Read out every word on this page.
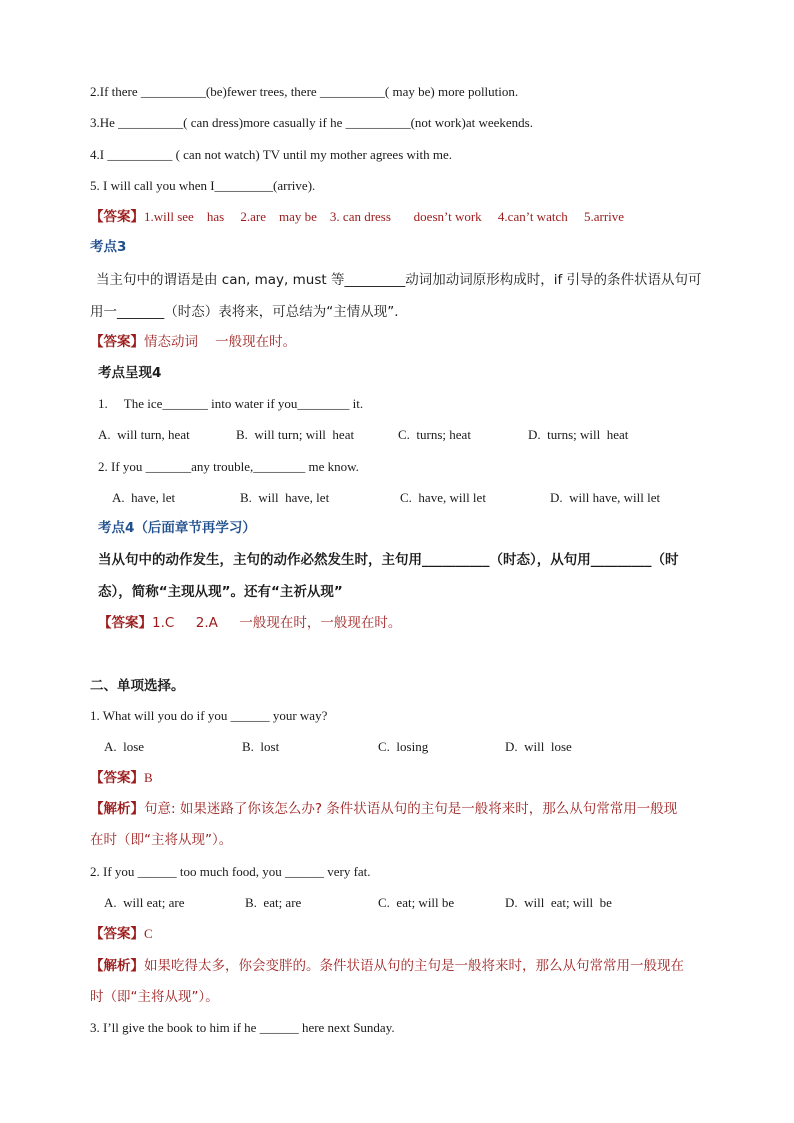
2.If there __________(be)fewer trees, there __________( may be) more pollution.
3.He __________( can dress)more casually if he __________(not work)at weekends.
4.I __________ ( can not watch) TV until my mother agrees with me.
5. I will call you when I_________(arrive).
【答案】1.will see    has     2.are    may be    3. can dress       doesn’t work     4.can’t watch     5.arrive
考点3
当主句中的谓语是由 can, may, must 等_________动词加动词原形构成时，if 引导的条件状语从句可
用一_______（时态）表将来，可总结为“主情从现”.
【答案】情态动词    一般现在时。
考点呈现4
1.     The ice_______ into water if you________ it.
A.  will turn, heat	B.  will turn; will  heat	C.  turns; heat	D.  turns; will  heat
2. If you _______any trouble,________ me know.
A.  have, let	B.  will  have, let	C.  have, will let	D.  will have, will let
考点4（后面章节再学习）
当从句中的动作发生，主句的动作必然发生时，主句用__________（时态），从句用_________（时
态），简称“主现从现”。还有“主祈从现”
【答案】1.C     2.A     一般现在时，一般现在时。
二、单项选择。
1. What will you do if you ______ your way?
A.  lose	B.  lost	C.  losing	D.  will  lose
【答案】B
【解析】句意: 如果迷路了你该怎么办? 条件状语从句的主句是一般将来时，那么从句常常用一般现
在时（即“主将从现”）。
2. If you ______ too much food, you ______ very fat.
A.  will eat; are	B.  eat; are	C.  eat; will be	D.  will  eat; will  be
【答案】C
【解析】如果吃得太多，你会变胖的。条件状语从句的主句是一般将来时，那么从句常常用一般现在
时（即“主将从现”）。
3. I’ll give the book to him if he ______ here next Sunday.
